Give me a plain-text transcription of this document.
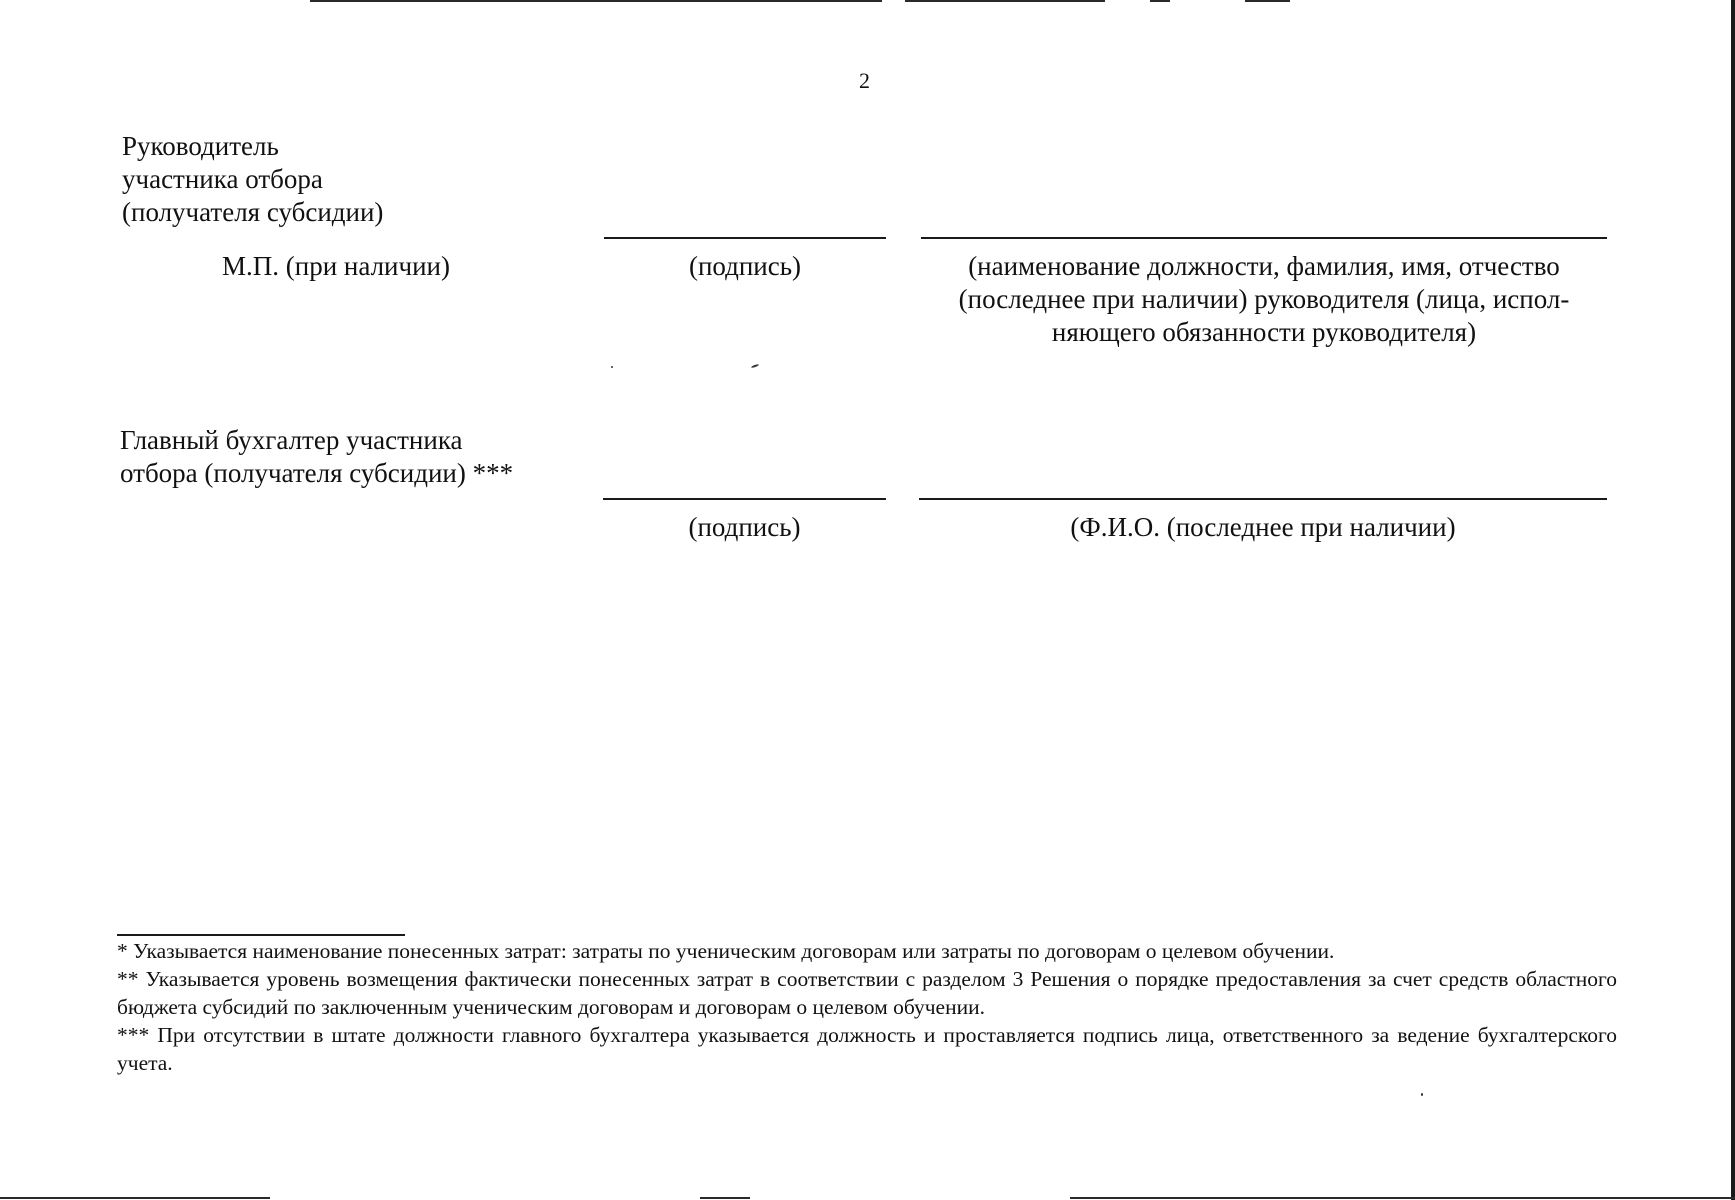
2
Руководитель
участника отбора
(получателя субсидии)
М.П. (при наличии)	(подпись)	(наименование должности, фамилия, имя, отчество
(последнее при наличии) руководителя (лица, испол-
няющего обязанности руководителя)
Главный бухгалтер участника
отбора (получателя субсидии) ***
(подпись)	(Ф.И.О. (последнее при наличии)

* Указывается наименование понесенных затрат: затраты по ученическим договорам или затраты по договорам о целевом обучении.

** Указывается уровень возмещения фактически понесенных затрат в соответствии с разделом 3 Решения о порядке предоставления за счет средств областного бюджета субсидий по заключенным ученическим договорам и договорам о целевом обучении.

*** При отсутствии в штате должности главного бухгалтера указывается должность и проставляется подпись лица, ответственного за ведение бухгалтерского учета.
